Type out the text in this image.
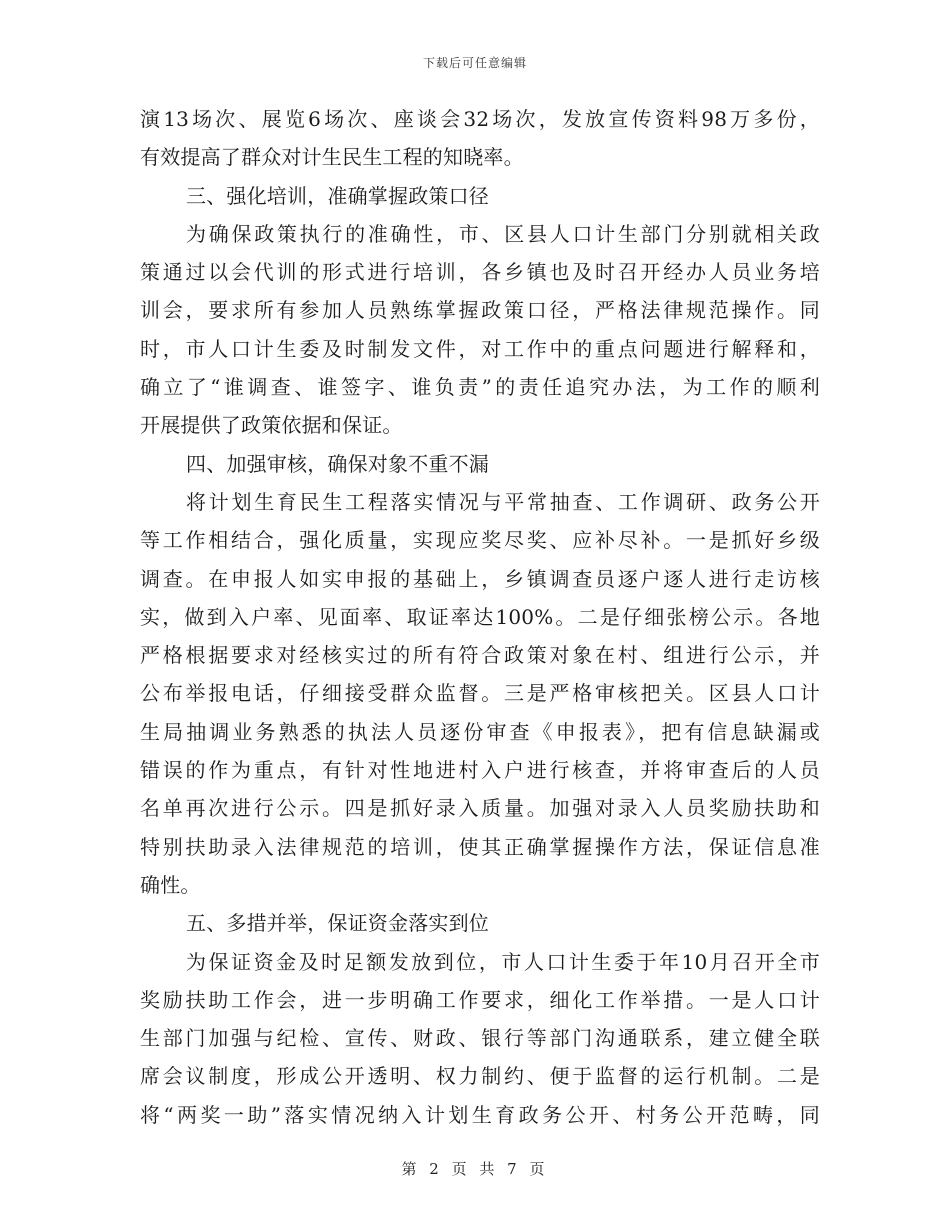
下载后可任意编辑
演13场次、展览6场次、座谈会32场次，发放宣传资料98万多份，
有效提高了群众对计生民生工程的知晓率。
三、强化培训，准确掌握政策口径
为确保政策执行的准确性，市、区县人口计生部门分别就相关政
策通过以会代训的形式进行培训，各乡镇也及时召开经办人员业务培
训会，要求所有参加人员熟练掌握政策口径，严格法律规范操作。同
时，市人口计生委及时制发文件，对工作中的重点问题进行解释和，
确立了“谁调查、谁签字、谁负责”的责任追究办法，为工作的顺利
开展提供了政策依据和保证。
四、加强审核，确保对象不重不漏
将计划生育民生工程落实情况与平常抽查、工作调研、政务公开
等工作相结合，强化质量，实现应奖尽奖、应补尽补。一是抓好乡级
调查。在申报人如实申报的基础上，乡镇调查员逐户逐人进行走访核
实，做到入户率、见面率、取证率达100%。二是仔细张榜公示。各地
严格根据要求对经核实过的所有符合政策对象在村、组进行公示，并
公布举报电话，仔细接受群众监督。三是严格审核把关。区县人口计
生局抽调业务熟悉的执法人员逐份审查《申报表》，把有信息缺漏或
错误的作为重点，有针对性地进村入户进行核查，并将审查后的人员
名单再次进行公示。四是抓好录入质量。加强对录入人员奖励扶助和
特别扶助录入法律规范的培训，使其正确掌握操作方法，保证信息准
确性。
五、多措并举，保证资金落实到位
为保证资金及时足额发放到位，市人口计生委于年10月召开全市
奖励扶助工作会，进一步明确工作要求，细化工作举措。一是人口计
生部门加强与纪检、宣传、财政、银行等部门沟通联系，建立健全联
席会议制度，形成公开透明、权力制约、便于监督的运行机制。二是
将“两奖一助”落实情况纳入计划生育政务公开、村务公开范畴，同
第 2 页 共 7 页
